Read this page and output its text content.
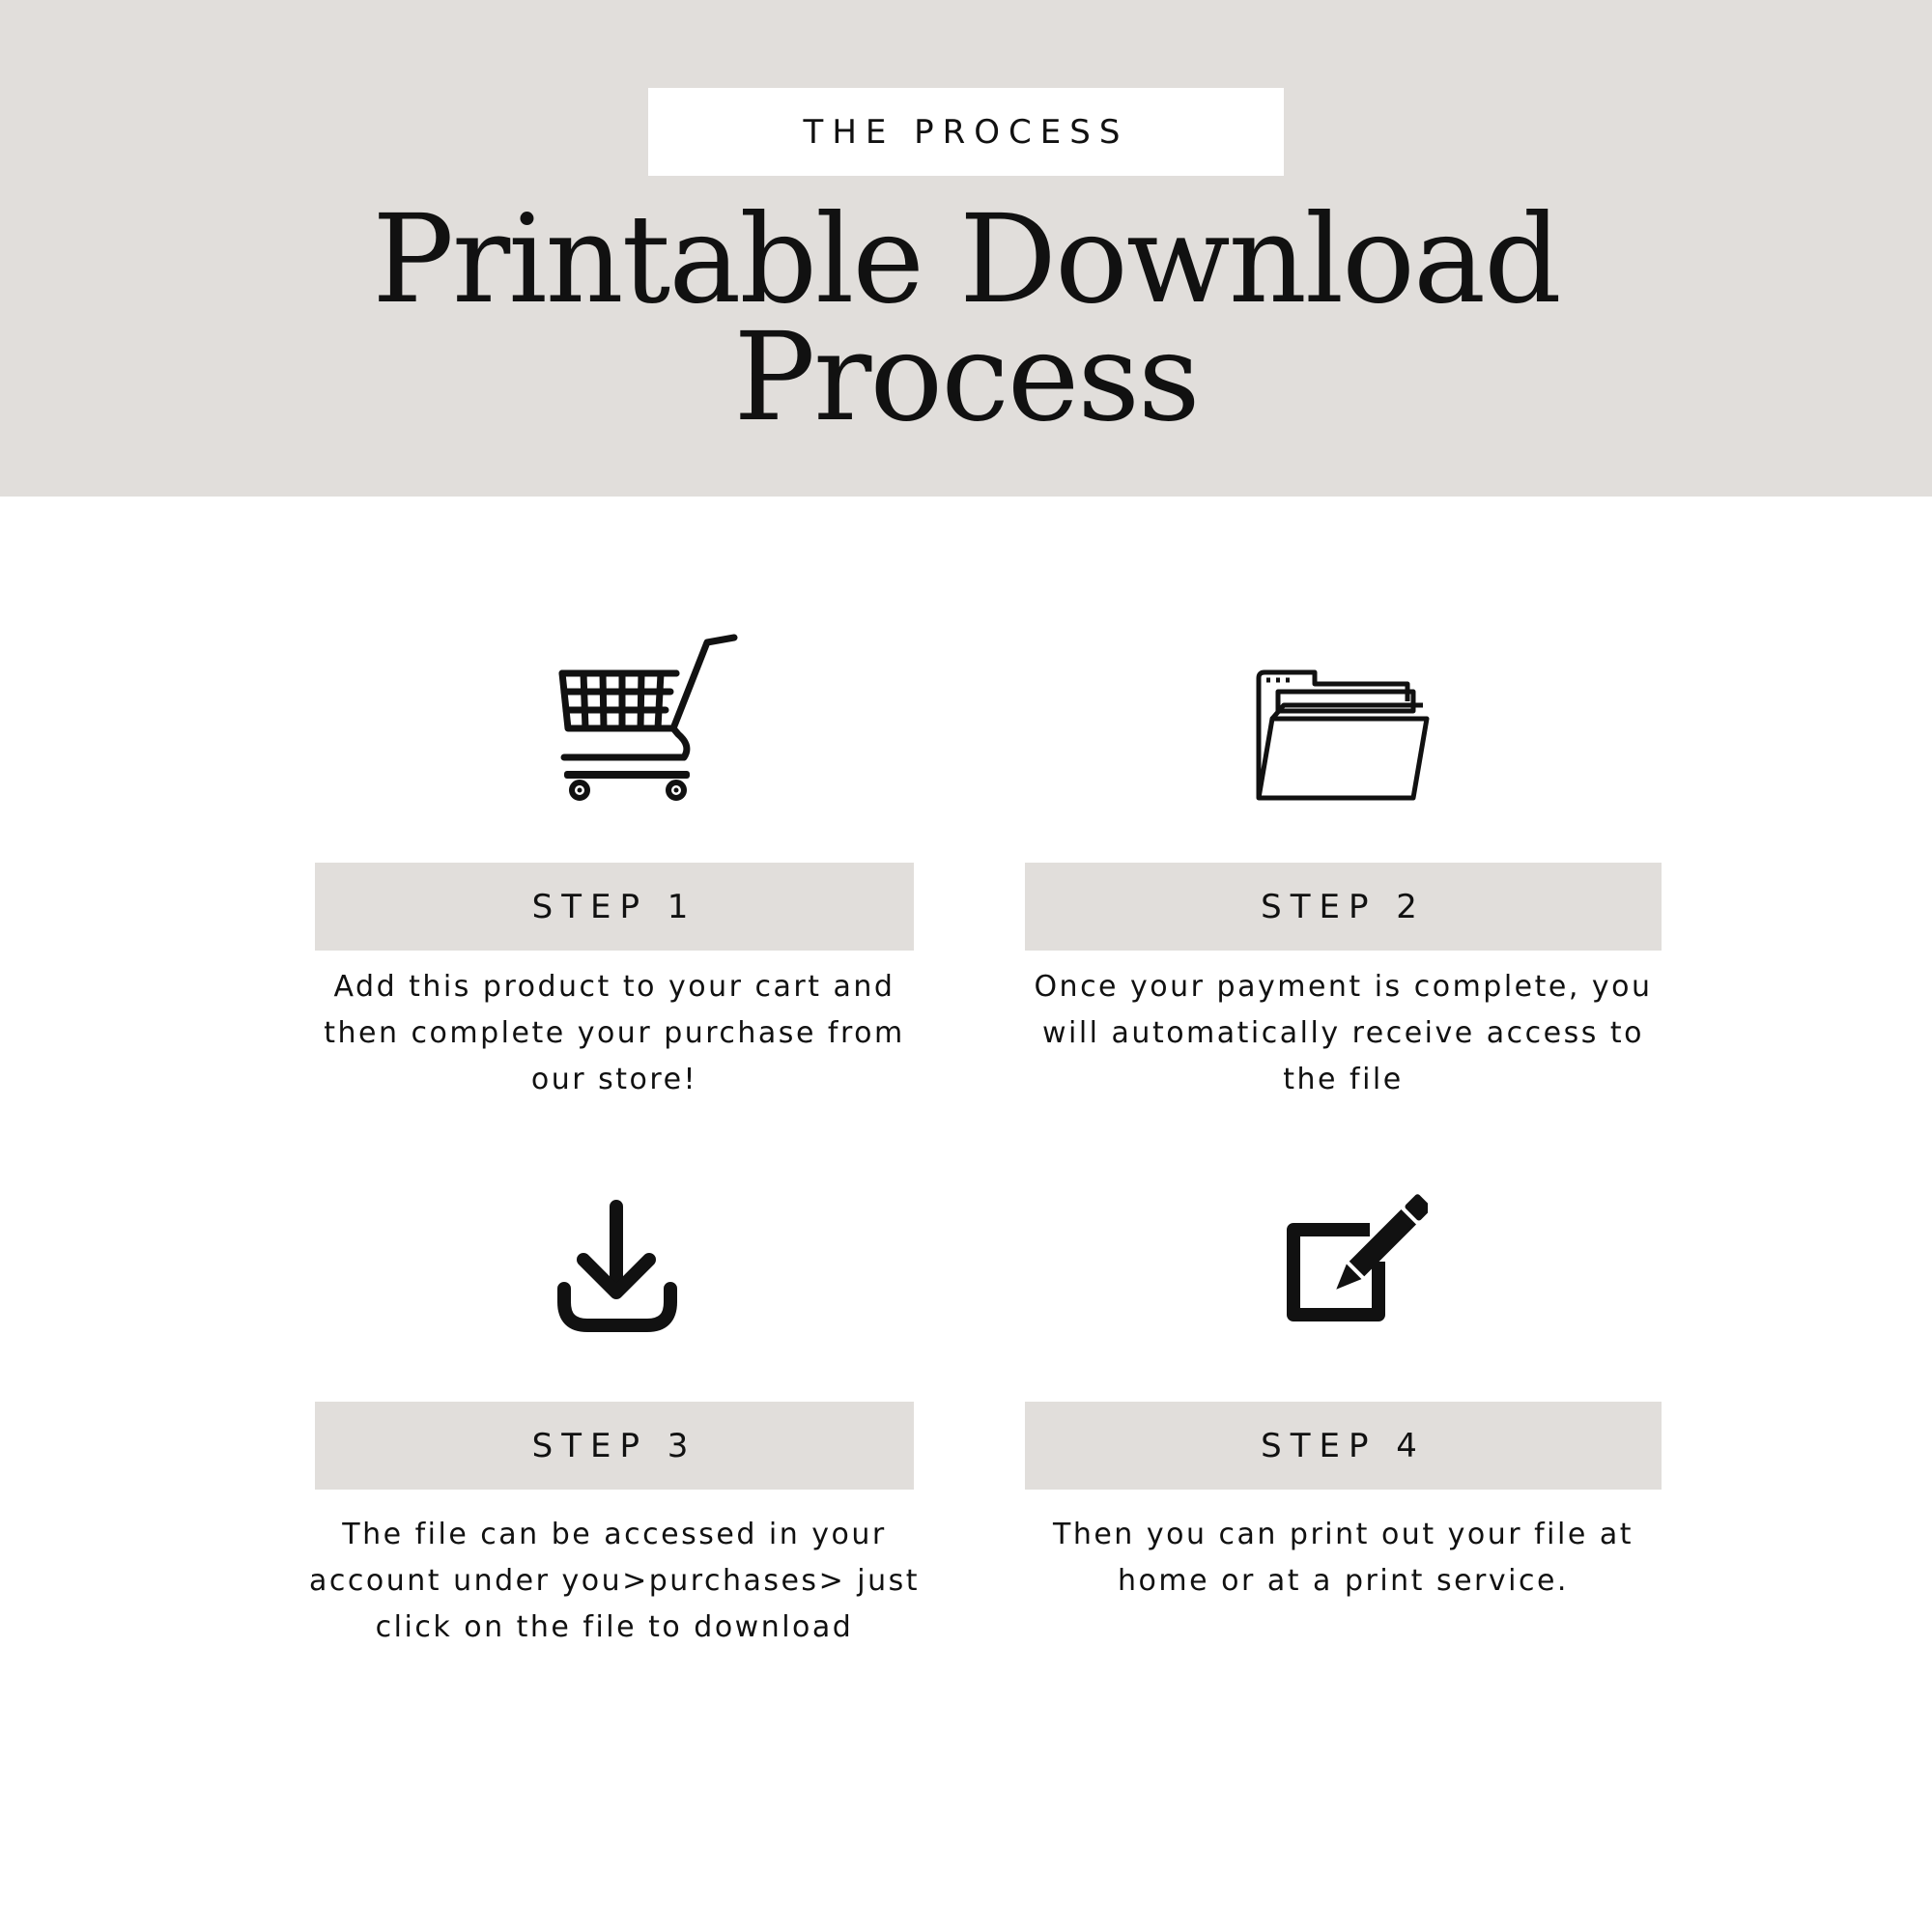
THE PROCESS
Printable Download
Process
STEP 1
Add this product to your cart and then complete your purchase from our store!
STEP 2
Once your payment is complete, you will automatically receive access to the file
STEP 3
The file can be accessed in your account under you>purchases> just click on the file to download
STEP 4
Then you can print out your file at home or at a print service.
